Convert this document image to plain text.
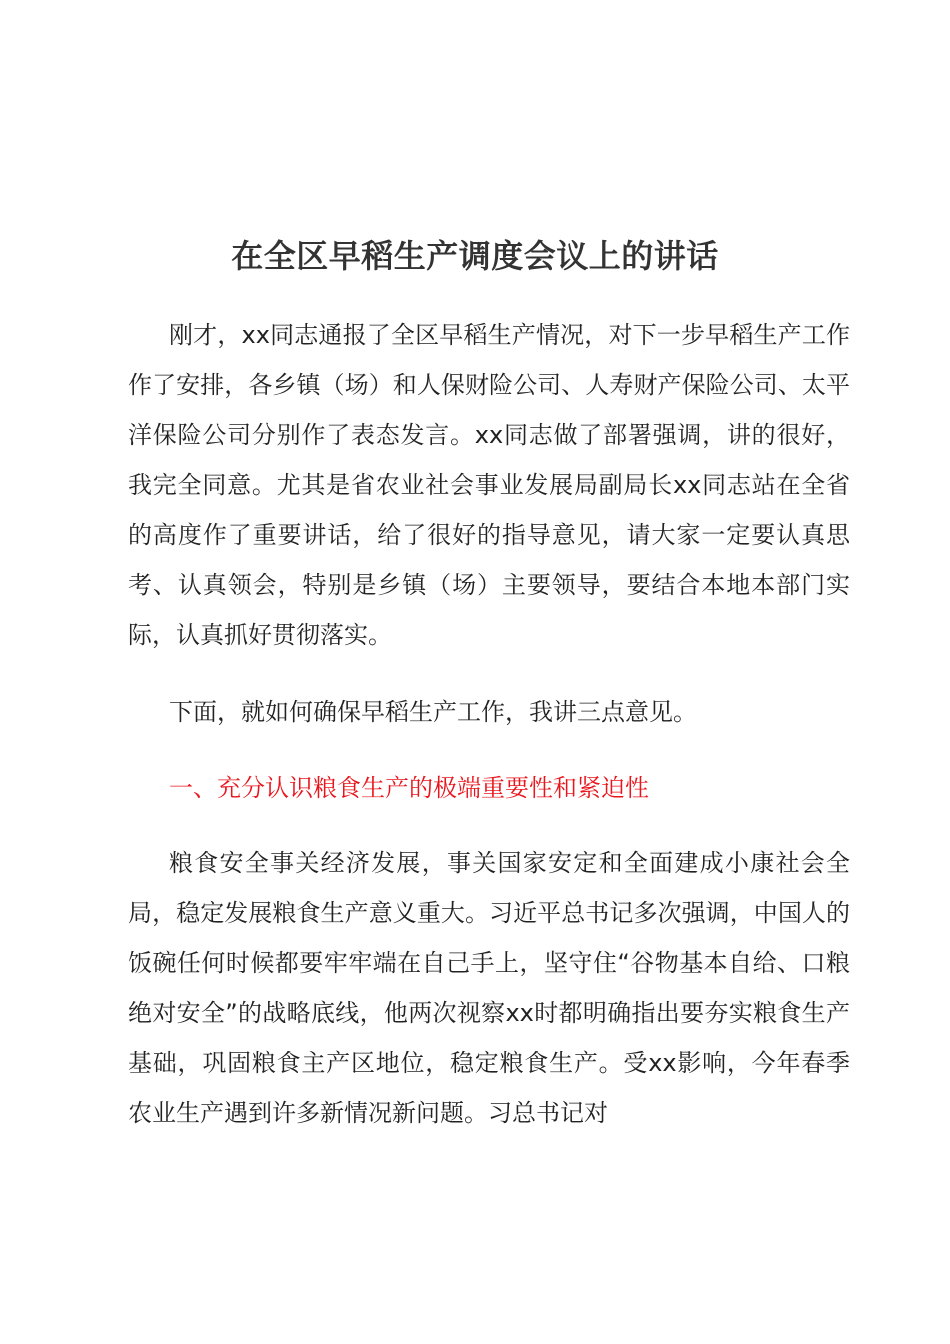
在全区早稻生产调度会议上的讲话
刚才，xx同志通报了全区早稻生产情况，对下一步早稻生产工作作了安排，各乡镇（场）和人保财险公司、人寿财产保险公司、太平洋保险公司分别作了表态发言。xx同志做了部署强调，讲的很好，我完全同意。尤其是省农业社会事业发展局副局长xx同志站在全省的高度作了重要讲话，给了很好的指导意见，请大家一定要认真思考、认真领会，特别是乡镇（场）主要领导，要结合本地本部门实际，认真抓好贯彻落实。
下面，就如何确保早稻生产工作，我讲三点意见。
一、充分认识粮食生产的极端重要性和紧迫性
粮食安全事关经济发展，事关国家安定和全面建成小康社会全局，稳定发展粮食生产意义重大。习近平总书记多次强调，中国人的饭碗任何时候都要牢牢端在自己手上，坚守住“谷物基本自给、口粮绝对安全”的战略底线，他两次视察xx时都明确指出要夯实粮食生产基础，巩固粮食主产区地位，稳定粮食生产。受xx影响，今年春季农业生产遇到许多新情况新问题。习总书记对
